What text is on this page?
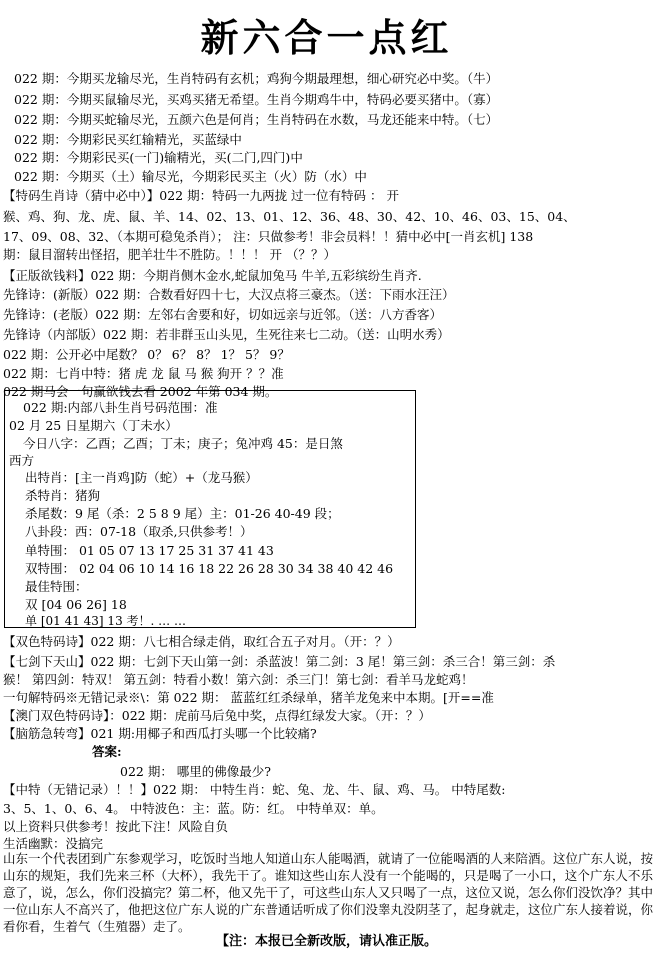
新六合一点红
022 期：今期买龙输尽光，生肖特码有玄机；鸡狗今期最理想，细心研究必中奖。（牛）
022 期：今期买鼠输尽光，买鸡买猪无希望。生肖今期鸡牛中，特码必要买猪中。（寡）
022 期：今期买蛇输尽光，五颜六色是何肖；生肖特码在水数，马龙还能来中特。（七）
022 期：今期彩民买红输精光，买蓝绿中
022 期：今期彩民买(一门)输精光，买(二门,四门)中
022 期：今期买（土）输尽光，今期彩民买主（火）防（水）中
【特码生肖诗（猜中必中）】022 期：特码一九两拢 过一位有特码 ： 开
猴、鸡、狗、龙、虎、鼠、羊、14、02、13、01、12、36、48、30、42、10、46、03、15、04、
17、09、08、32、（本期可稳兔杀肖）； 注：只做参考！非会员料！！猜中必中[一肖玄机] 138
期：鼠目溜转出怪招，肥羊壮牛不胜防。！！！ 开 （？？）
【正版欲钱料】022 期：今期肖侧木金水,蛇鼠加兔马 牛羊,五彩缤纷生肖齐.
先锋诗：(新版）022 期：合数看好四十七，大汉点将三豪杰。（送：下雨水汪汪）
先锋诗：(老版）022 期：左邻右舍要和好，切如远亲与近邻。（送：八方香客）
先锋诗（内部版）022 期：若非群玉山头见，生死往来七二动。（送：山明水秀）
022 期：公开必中尾数？ 0？ 6？ 8？ 1？ 5？ 9？
022 期：七肖中特：猪 虎 龙 鼠 马 猴 狗开 ？？准
022 期马会一句赢欲钱去看 2002 年第 034 期。
022 期:内部八卦生肖号码范围：准
02 月 25 日星期六（丁未水）
今日八字：乙酉；乙酉；丁未；庚子；兔冲鸡 45：是日煞
西方
出特肖：[主一肖鸡]防（蛇）+（龙马猴）
杀特肖：猪狗
杀尾数：9 尾（杀：2 5 8 9 尾）主：01-26 40-49 段；
八卦段：西：07-18（取杀,只供参考！）
单特围： 01 05 07 13 17 25 31 37 41 43
双特围： 02 04 06 10 14 16 18 22 26 28 30 34 38 40 42 46
最佳特围：
双 [04 06 26] 18
单 [01 41 43] 13 考！. … …
【双色特码诗】022 期：八七相合绿走俏，取红合五子对月。（开：？）
【七剑下天山】022 期：七剑下天山第一剑：杀蓝波！第二剑：3 尾！第三剑：杀三合！第三剑：杀
猴！ 第四剑：特双！ 第五剑：特看小数！第六剑：杀三门！第七剑：看羊马龙蛇鸡！
一句解特码※无错记录※\：第 022 期： 蓝蓝红红杀绿单，猪羊龙兔来中本期。[开==准
【澳门双色特码诗】：022 期：虎前马后兔中奖，点得红绿发大家。（开：？）
【脑筋急转弯】021 期:用椰子和西瓜打头哪一个比较痛?
答案:
022 期： 哪里的佛像最少?
【中特（无错记录）！！】022 期： 中特生肖：蛇、兔、龙、牛、鼠、鸡、马。 中特尾数:
3、5、1、0、6、4。 中特波色：主：蓝。防：红。 中特单双：单。
以上资料只供参考！按此下注！风险自负
生活幽默：没搞完
山东一个代表团到广东参观学习，吃饭时当地人知道山东人能喝酒，就请了一位能喝酒的人来陪酒。这位广东人说，按山东的规矩，我们先来三杯（大杯），我先干了。谁知这些山东人没有一个能喝的，只是喝了一小口，这个广东人不乐意了，说，怎么，你们没搞完？第二杯，他又先干了，可这些山东人又只喝了一点，这位又说，怎么你们没饮净？其中一位山东人不高兴了，他把这位广东人说的广东普通话听成了你们没睾丸没阴茎了，起身就走，这位广东人接着说，你看你看，生着气（生殖器）走了。
【注：本报已全新改版，请认准正版。
